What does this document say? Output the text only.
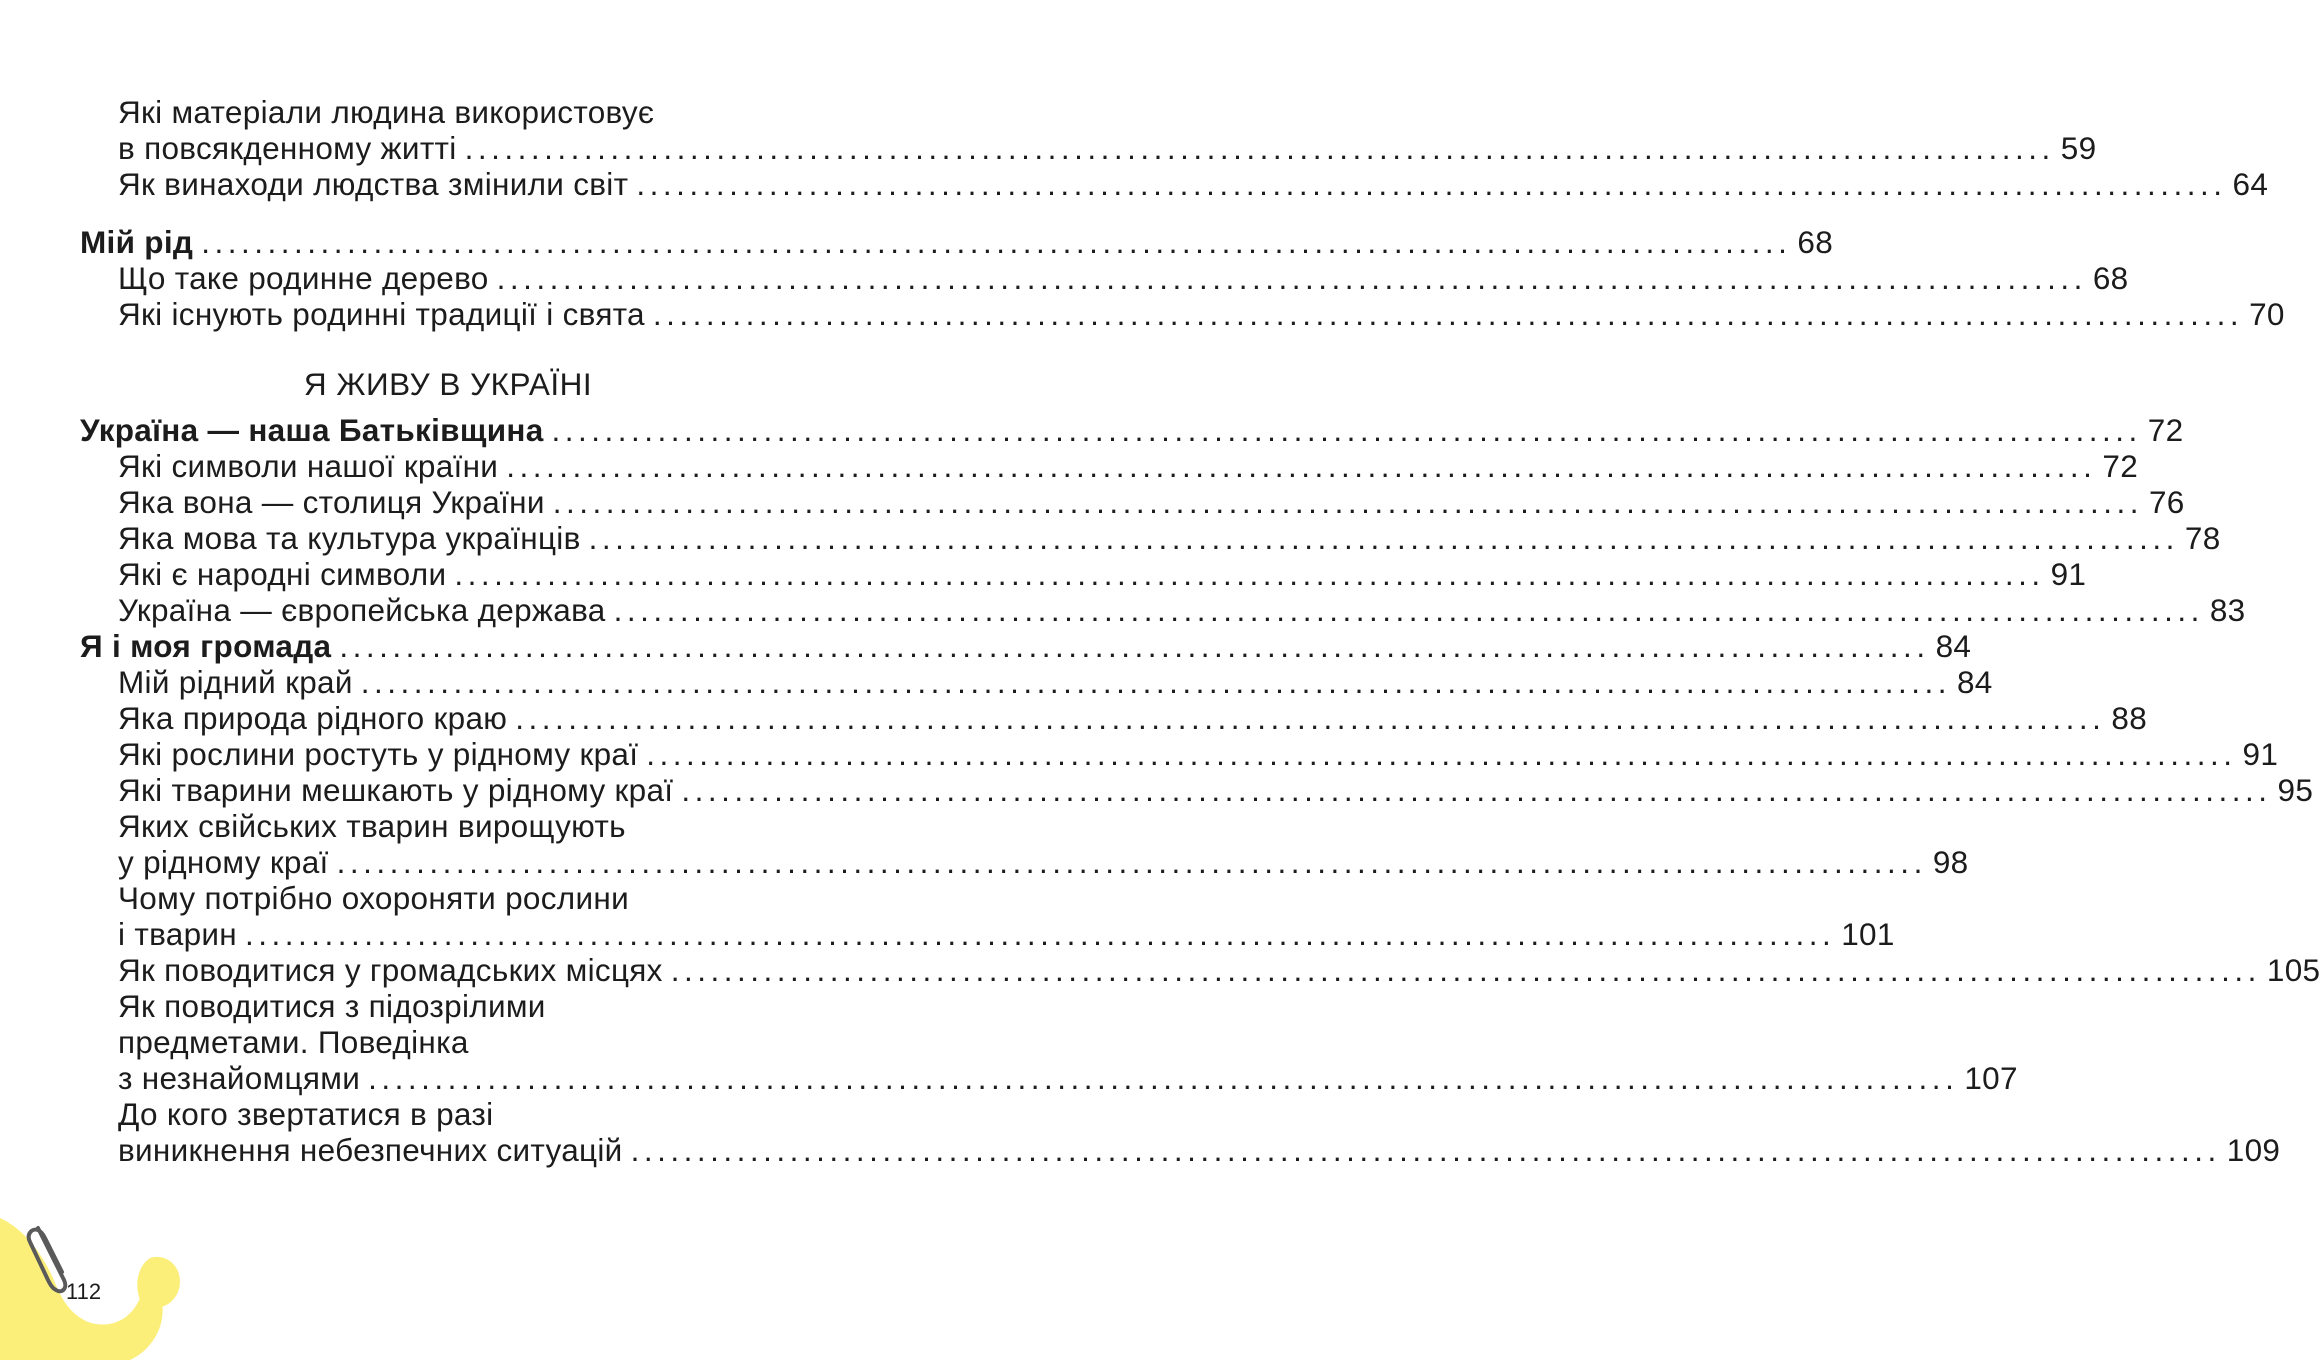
Які матеріали людина використовує
в повсякденному житті ........................................................................................................................ 59
Як винаходи людства змінили світ ........................................................................................................................ 64
Мій рід ........................................................................................................................ 68
Що таке родинне дерево ........................................................................................................................ 68
Які існують родинні традиції і свята ........................................................................................................................ 70
Україна — наша Батьківщина ........................................................................................................................ 72
Які символи нашої країни ........................................................................................................................ 72
Яка вона — столиця України ........................................................................................................................ 76
Яка мова та культура українців ........................................................................................................................ 78
Які є народні символи ........................................................................................................................ 91
Україна — європейська держава ........................................................................................................................ 83
Я і моя громада ........................................................................................................................ 84
Мій рідний край ........................................................................................................................ 84
Яка природа рідного краю ........................................................................................................................ 88
Які рослини ростуть у рідному краї ........................................................................................................................ 91
Які тварини мешкають у рідному краї ........................................................................................................................ 95
Яких свійських тварин вирощують
у рідному краї ........................................................................................................................ 98
Чому потрібно охороняти рослини
і тварин ........................................................................................................................ 101
Як поводитися у громадських місцях ........................................................................................................................ 105
Як поводитися з підозрілими
предметами. Поведінка
з незнайомцями ........................................................................................................................ 107
До кого звертатися в разі
виникнення небезпечних ситуацій ........................................................................................................................ 109
Я ЖИВУ В УКРАЇНІ
112
